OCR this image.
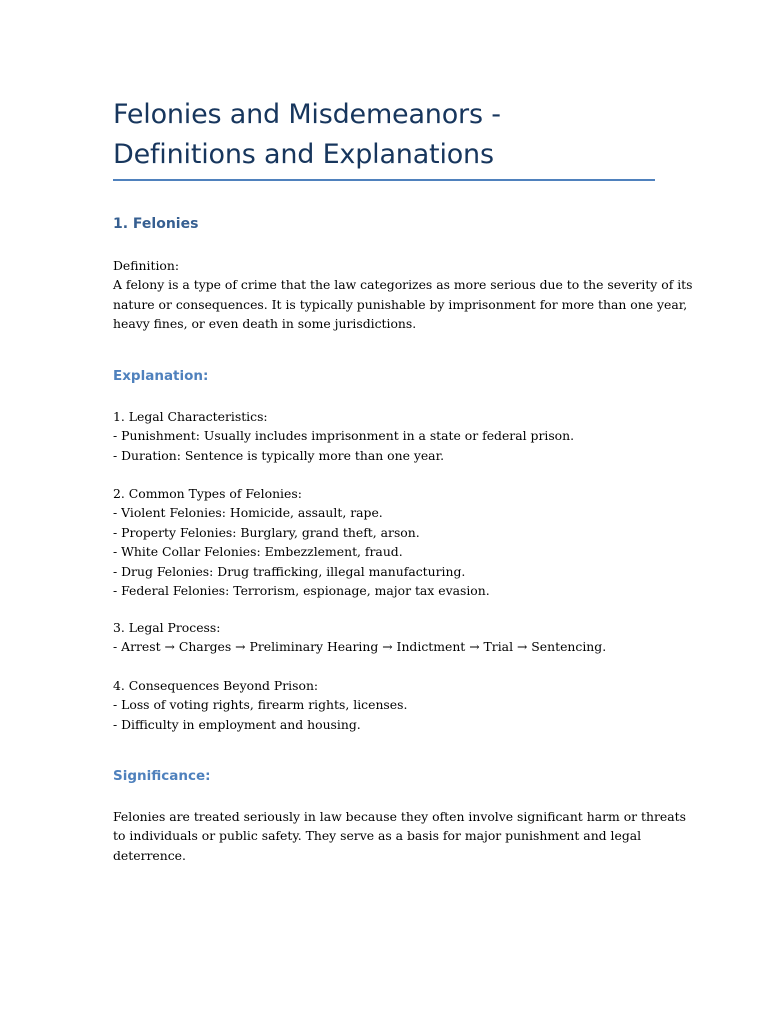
Felonies and Misdemeanors -
Definitions and Explanations
1. Felonies
Definition:
A felony is a type of crime that the law categorizes as more serious due to the severity of its
nature or consequences. It is typically punishable by imprisonment for more than one year,
heavy fines, or even death in some jurisdictions.
Explanation:
1. Legal Characteristics:
- Punishment: Usually includes imprisonment in a state or federal prison.
- Duration: Sentence is typically more than one year.
2. Common Types of Felonies:
- Violent Felonies: Homicide, assault, rape.
- Property Felonies: Burglary, grand theft, arson.
- White Collar Felonies: Embezzlement, fraud.
- Drug Felonies: Drug trafficking, illegal manufacturing.
- Federal Felonies: Terrorism, espionage, major tax evasion.
3. Legal Process:
- Arrest → Charges → Preliminary Hearing → Indictment → Trial → Sentencing.
4. Consequences Beyond Prison:
- Loss of voting rights, firearm rights, licenses.
- Difficulty in employment and housing.
Significance:
Felonies are treated seriously in law because they often involve significant harm or threats
to individuals or public safety. They serve as a basis for major punishment and legal
deterrence.
